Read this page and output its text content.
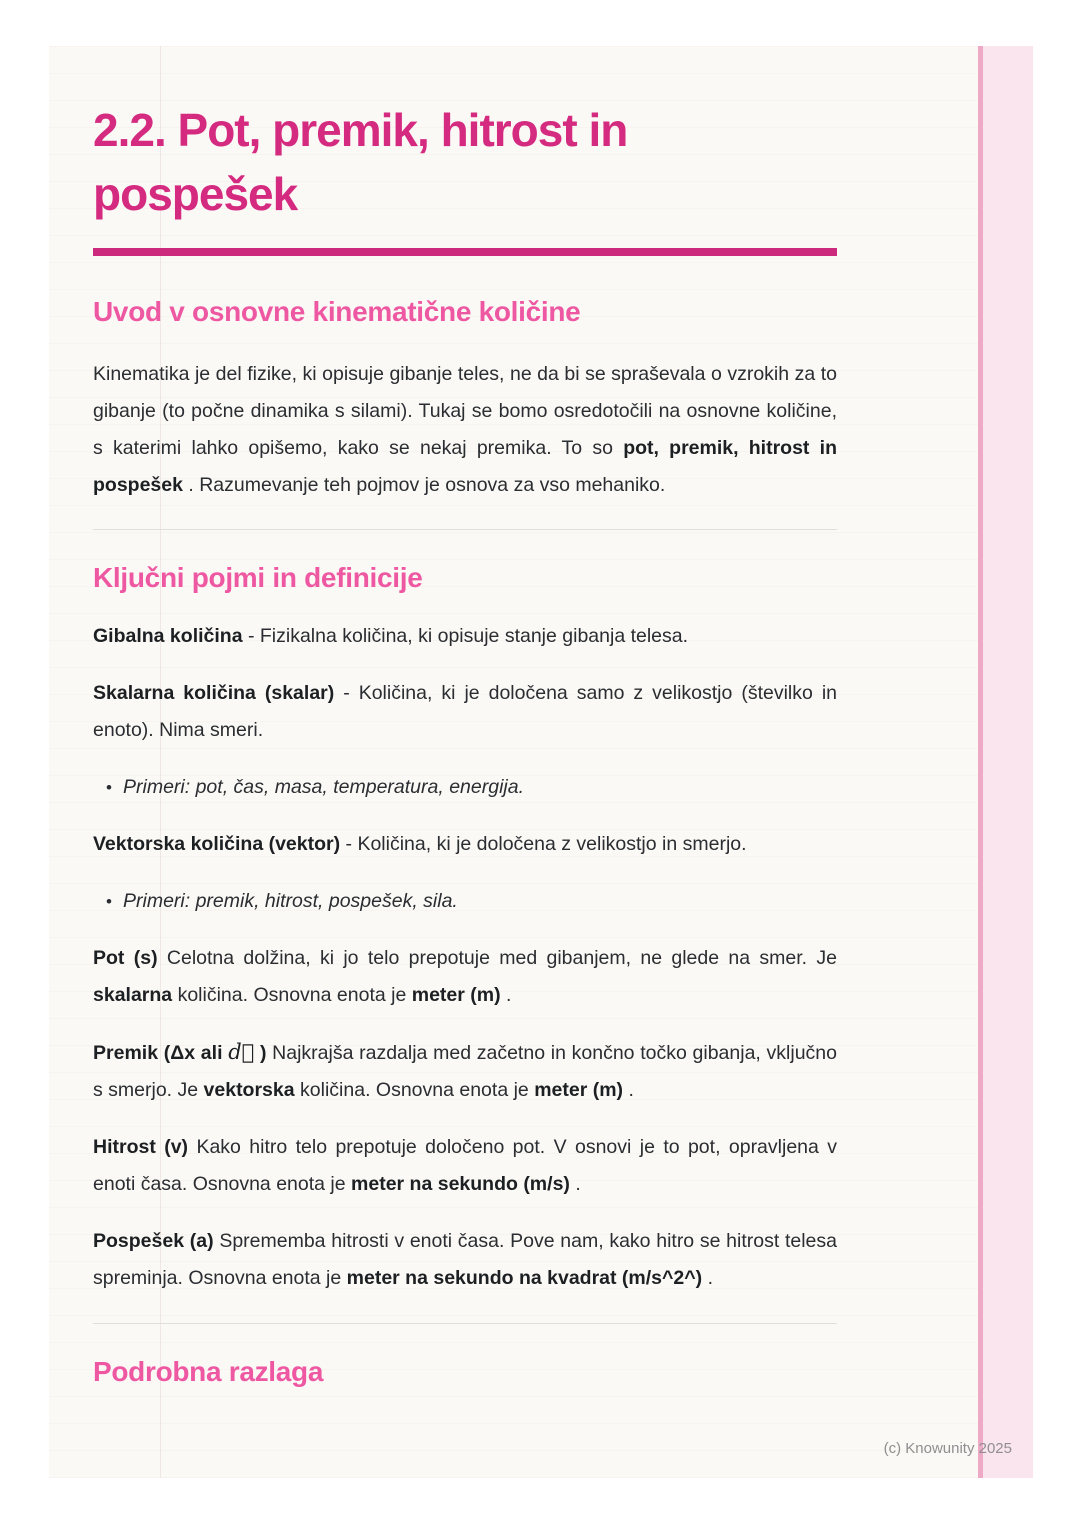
2.2. Pot, premik, hitrost in
pospešek
Uvod v osnovne kinematične količine

Kinematika je del fizike, ki opisuje gibanje teles, ne da bi se spraševala o vzrokih za to gibanje (to počne dinamika s silami). Tukaj se bomo osredotočili na osnovne količine, s katerimi lahko opišemo, kako se nekaj premika. To so pot, premik, hitrost in pospešek . Razumevanje teh pojmov je osnova za vso mehaniko.

Ključni pojmi in definicije

Gibalna količina - Fizikalna količina, ki opisuje stanje gibanja telesa.

Skalarna količina (skalar) - Količina, ki je določena samo z velikostjo (številko in enoto). Nima smeri.

• Primeri: pot, čas, masa, temperatura, energija.

Vektorska količina (vektor) - Količina, ki je določena z velikostjo in smerjo.

• Primeri: premik, hitrost, pospešek, sila.

Pot (s) Celotna dolžina, ki jo telo prepotuje med gibanjem, ne glede na smer. Je skalarna količina. Osnovna enota je meter (m) .

Premik (Δx ali d⃗ ) Najkrajša razdalja med začetno in končno točko gibanja, vključno s smerjo. Je vektorska količina. Osnovna enota je meter (m) .

Hitrost (v) Kako hitro telo prepotuje določeno pot. V osnovi je to pot, opravljena v enoti časa. Osnovna enota je meter na sekundo (m/s) .

Pospešek (a) Sprememba hitrosti v enoti časa. Pove nam, kako hitro se hitrost telesa spreminja. Osnovna enota je meter na sekundo na kvadrat (m/s^2^) .

Podrobna razlaga
(c) Knowunity 2025
